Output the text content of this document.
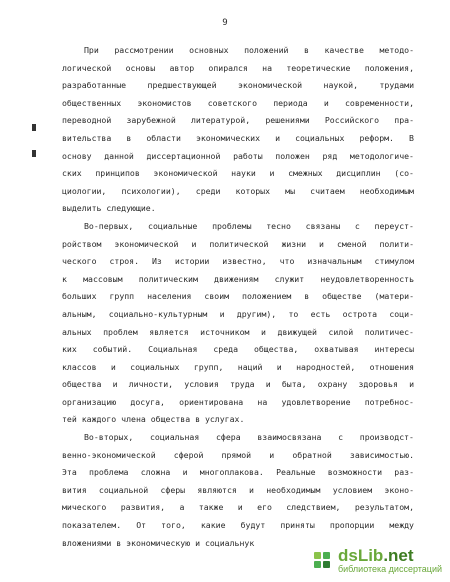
9
При рассмотрении основных положений в качестве методо-
логической основы автор опирался на теоретические положения,
разработанные предшествующей экономической наукой, трудами
общественных экономистов советского периода и современности,
переводной зарубежной литературой, решениями Российского пра-
вительства в области экономических и социальных реформ. В
основу данной диссертационной работы положен ряд методологиче-
ских принципов экономической науки и смежных дисциплин (со-
циологии, психологии), среди которых мы считаем необходимым
выделить следующие.
Во-первых, социальные проблемы тесно связаны с переуст-
ройством экономической и политической жизни и сменой полити-
ческого строя. Из истории известно, что изначальным стимулом
к массовым политическим движениям служит неудовлетворенность
больших групп населения своим положением в обществе (матери-
альным, социально-культурным и другим), то есть острота соци-
альных проблем является источником и движущей силой политичес-
ких событий. Социальная среда общества, охватывая интересы
классов и социальных групп, наций и народностей, отношения
общества и личности, условия труда и быта, охрану здоровья и
организацию досуга, ориентирована на удовлетворение потребнос-
тей каждого члена общества в услугах.
Во-вторых, социальная сфера взаимосвязана с производст-
венно-экономической сферой прямой и обратной зависимостью.
Эта проблема сложна и многоплакова. Реальные возможности раз-
вития социальной сферы являются и необходимым условием эконо-
мического развития, а также и его следствием, результатом,
показателем. От того, какие будут приняты пропорции между
вложениями в экономическую и социальнук
dsLib.net
библиотека диссертаций
